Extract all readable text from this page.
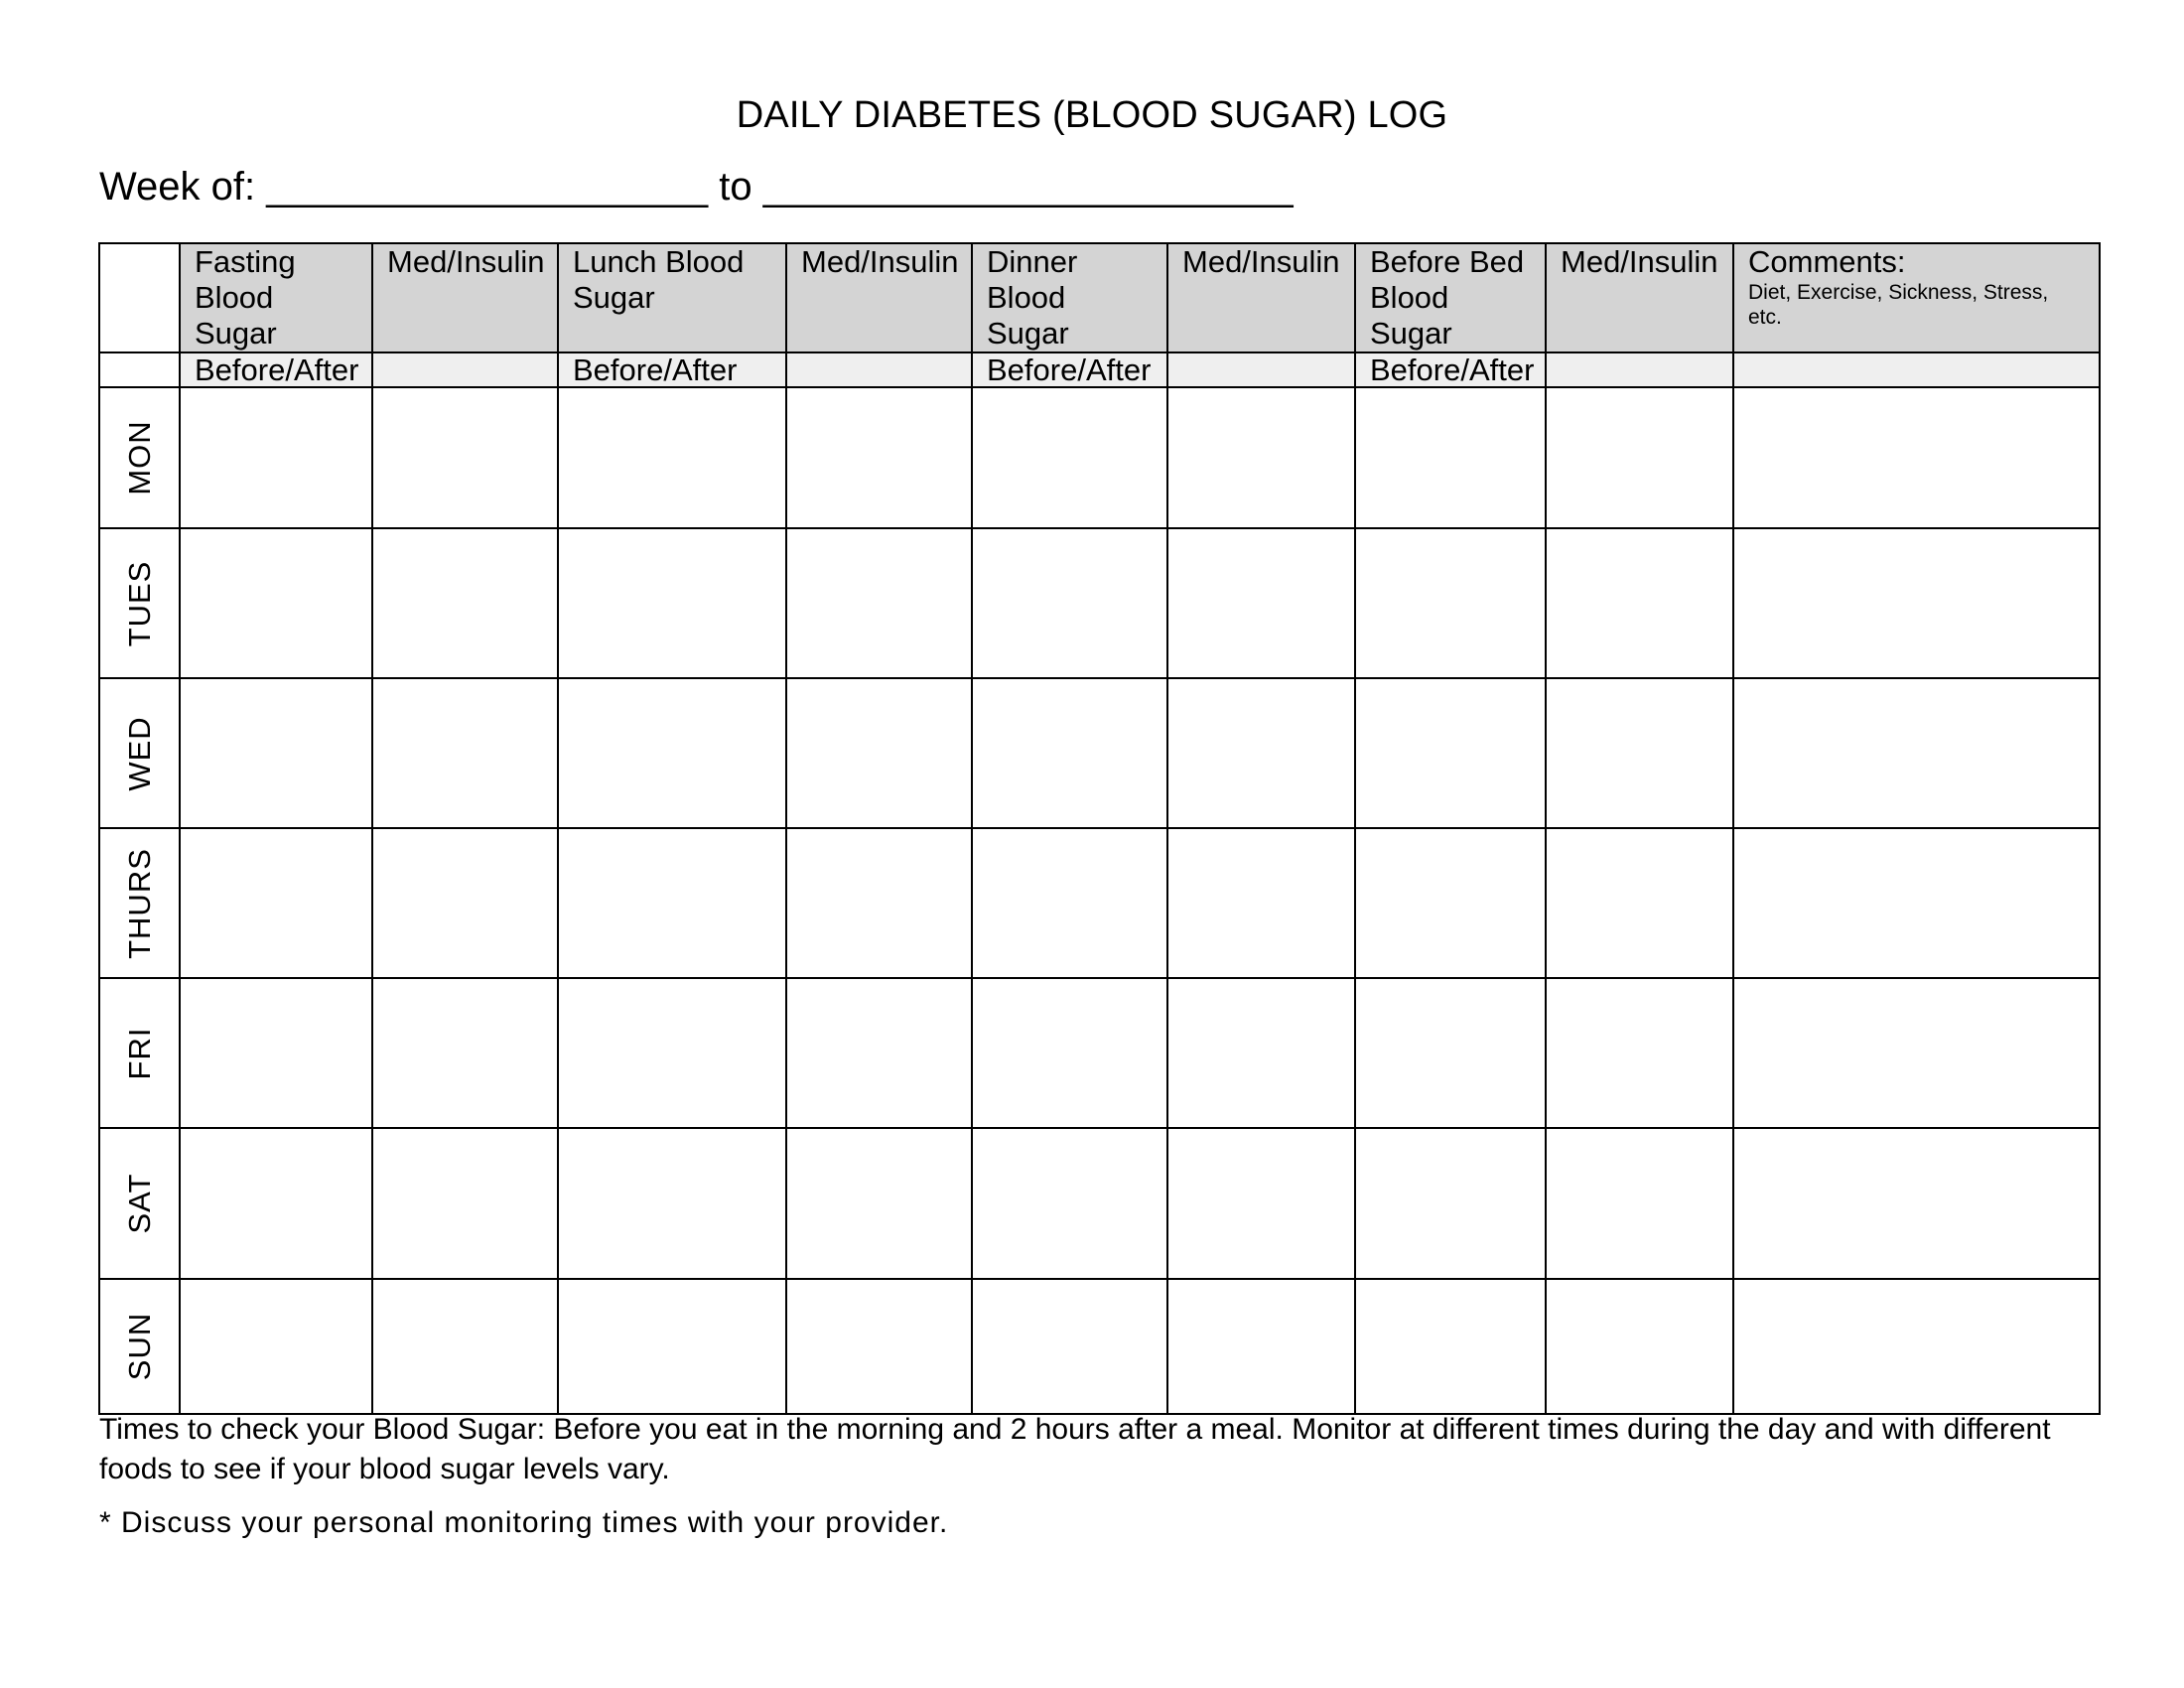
DAILY DIABETES (BLOOD SUGAR) LOG
Week of: ____________________ to ________________________
	Fasting Blood Sugar	Med/Insulin	Lunch Blood Sugar	Med/Insulin	Dinner Blood Sugar	Med/Insulin	Before Bed Blood Sugar	Med/Insulin	Comments:
Diet, Exercise, Sickness, Stress, etc.

	Before/After		Before/After		Before/After		Before/After		

MON									

TUES									

WED									

THURS									

FRI									

SAT									

SUN									

Times to check your Blood Sugar: Before you eat in the morning and 2 hours after a meal. Monitor at different times during the day and with different foods to see if your blood sugar levels vary.
* Discuss your personal monitoring times with your provider.
